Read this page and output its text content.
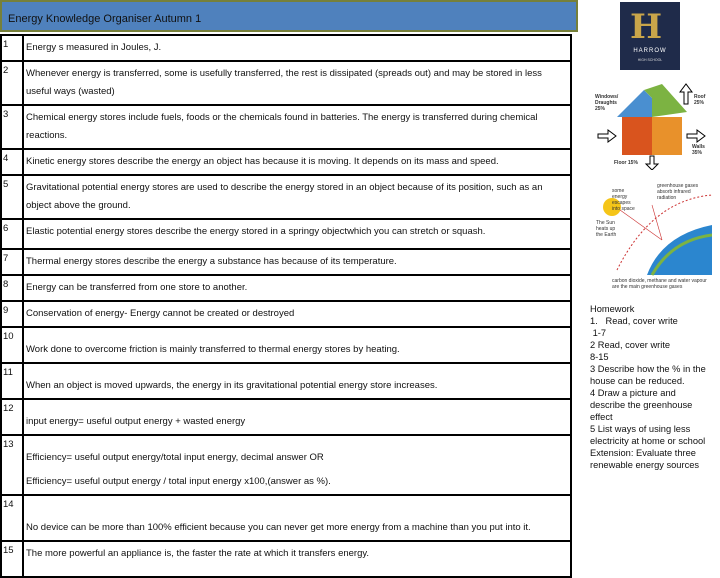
Energy Knowledge Organiser Autumn 1
1	Energy s measured in Joules, J.

2	Whenever energy is transferred, some is usefully transferred, the rest is dissipated (spreads out) and may be stored in less useful ways (wasted)

3	Chemical energy stores include fuels, foods or the chemicals found in batteries. The energy is transferred during chemical reactions.

4	Kinetic energy stores describe the energy an object has because it is moving. It depends on its mass and speed.

5	Gravitational potential energy stores are used to describe the energy stored in an object because of its position, such as an object above the ground.

6	Elastic potential energy stores describe the energy stored in a springy objectwhich you can stretch or squash.

7	Thermal energy stores describe the energy a substance has because of its temperature.

8	Energy can be transferred from one store to another.

9	Conservation of energy- Energy cannot be created or destroyed

10	Work done to overcome friction is mainly transferred to thermal energy stores by heating.

11	When an object is moved upwards, the energy in its gravitational potential energy store increases.

12	input energy= useful output energy + wasted energy

13	Efficiency= useful output energy/total input energy, decimal answer OR
Efficiency= useful output energy / total input energy x100,(answer as %).

14	No device can be more than 100% efficient because you can never get more energy from a machine than you put into it.

15	The more powerful an appliance is, the faster the rate at which it transfers energy.
H
HARROW
HIGH SCHOOL
Windows/ Draughts 25%
Roof 25%
Walls 35%
Floor 15%
some energy escapes into space
greenhouse gases absorb infrared radiation
The Sun heats up the Earth
carbon dioxide, methane and water vapour are the main greenhouse gases
Homework
1.   Read, cover write
1-7
2 Read, cover write
8-15
3 Describe how the % in the house can be reduced.
4 Draw a picture and describe the greenhouse effect
5 List ways of using less electricity at home or school
Extension: Evaluate three renewable energy sources
